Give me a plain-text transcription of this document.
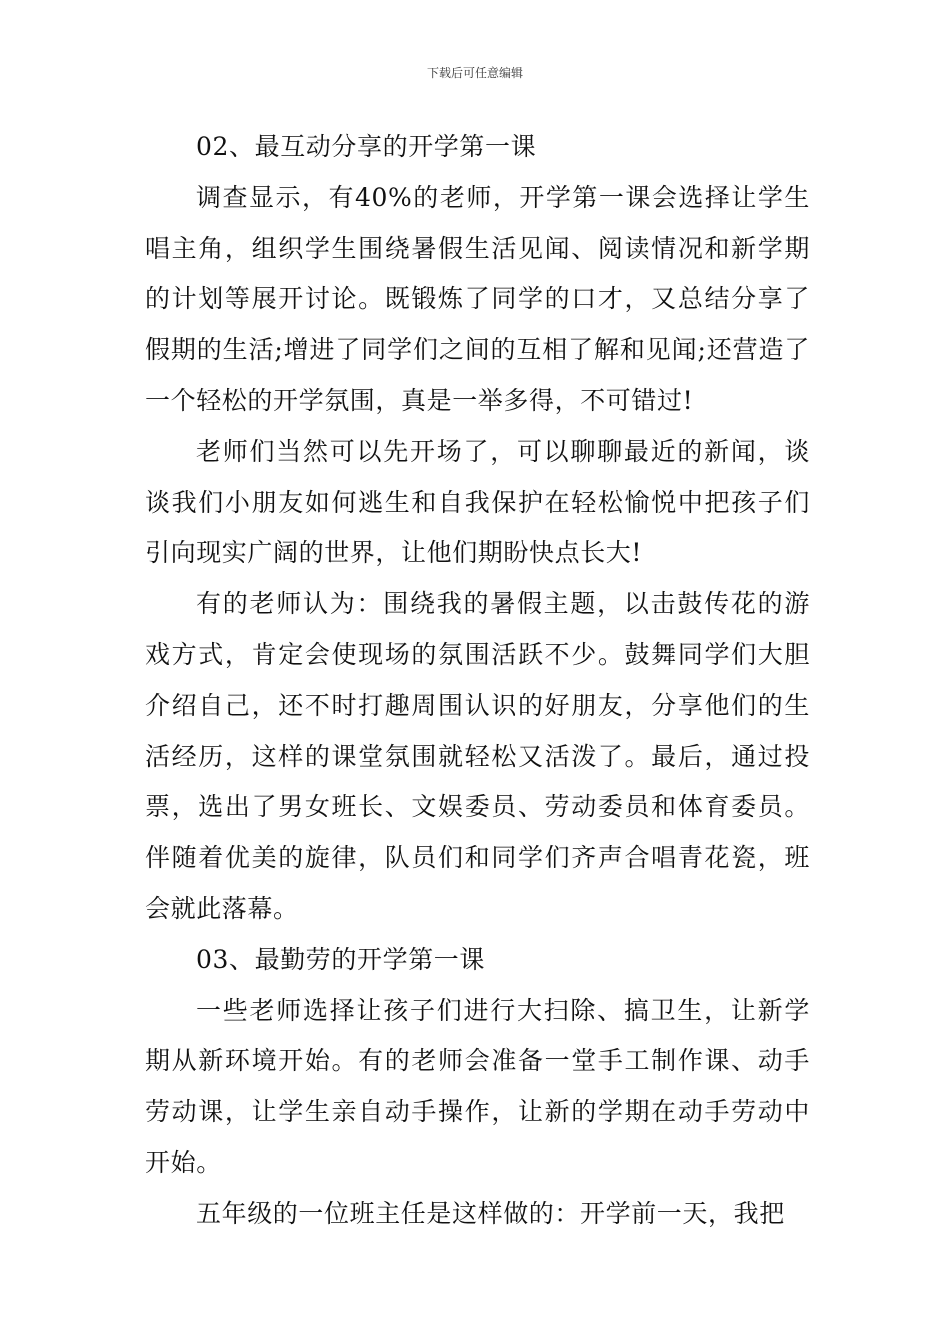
下载后可任意编辑

02、最互动分享的开学第一课

调查显示，有40%的老师，开学第一课会选择让学生唱主角，组织学生围绕暑假生活见闻、阅读情况和新学期的计划等展开讨论。既锻炼了同学的口才，又总结分享了假期的生活;增进了同学们之间的互相了解和见闻;还营造了一个轻松的开学氛围，真是一举多得，不可错过!

老师们当然可以先开场了，可以聊聊最近的新闻，谈谈我们小朋友如何逃生和自我保护在轻松愉悦中把孩子们引向现实广阔的世界，让他们期盼快点长大!

有的老师认为：围绕我的暑假主题，以击鼓传花的游戏方式，肯定会使现场的氛围活跃不少。鼓舞同学们大胆介绍自己，还不时打趣周围认识的好朋友，分享他们的生活经历，这样的课堂氛围就轻松又活泼了。最后，通过投票，选出了男女班长、文娱委员、劳动委员和体育委员。伴随着优美的旋律，队员们和同学们齐声合唱青花瓷，班会就此落幕。

03、最勤劳的开学第一课

一些老师选择让孩子们进行大扫除、搞卫生，让新学期从新环境开始。有的老师会准备一堂手工制作课、动手劳动课，让学生亲自动手操作，让新的学期在动手劳动中开始。

五年级的一位班主任是这样做的：开学前一天，我把
